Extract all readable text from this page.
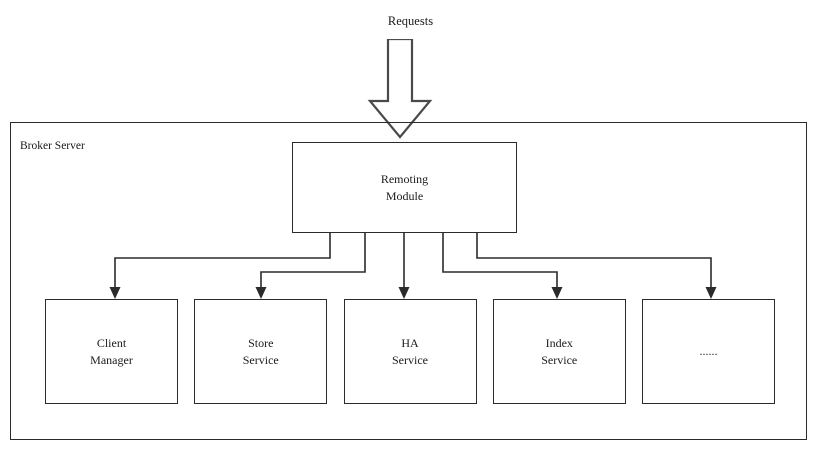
Requests
Broker Server
Remoting
Module
Client
Manager
Store
Service
HA
Service
Index
Service
......
